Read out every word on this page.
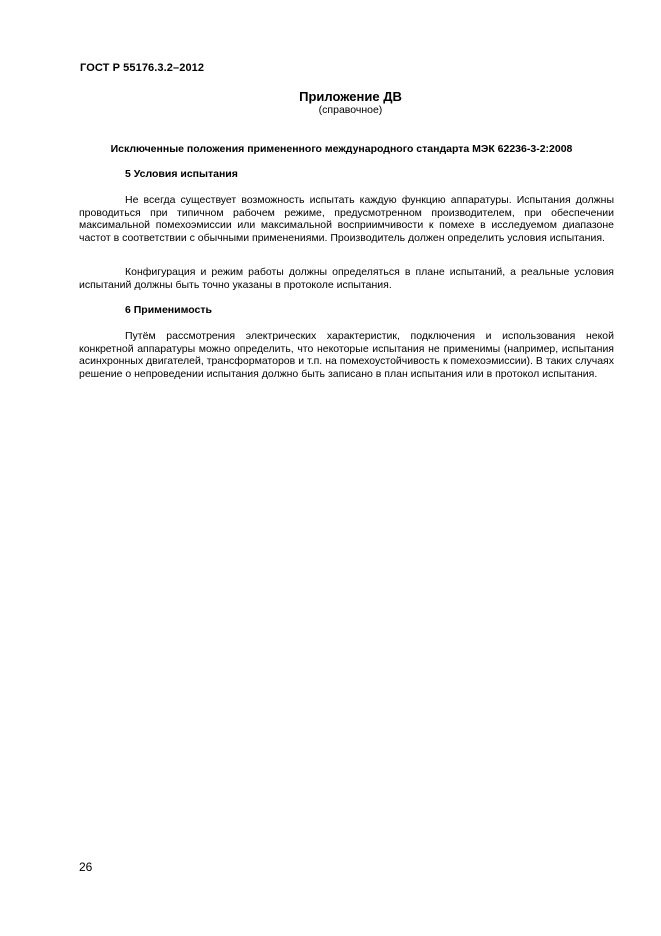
ГОСТ Р 55176.3.2–2012
Приложение ДВ
(справочное)
Исключенные положения примененного международного стандарта МЭК 62236-3-2:2008
5 Условия испытания

Не всегда существует возможность испытать каждую функцию аппаратуры. Испытания должны проводиться при типичном рабочем режиме, предусмотренном производителем, при обеспечении максимальной помехоэмиссии или максимальной восприимчивости к помехе в исследуемом диапазоне частот в соответствии с обычными применениями. Производитель должен определить условия испытания.

Конфигурация и режим работы должны определяться в плане испытаний, а реальные условия испытаний должны быть точно указаны в протоколе испытания.

6 Применимость

Путём рассмотрения электрических характеристик, подключения и использования некой конкретной аппаратуры можно определить, что некоторые испытания не применимы (например, испытания асинхронных двигателей, трансформаторов и т.п. на помехоустойчивость к помехоэмиссии). В таких случаях решение о непроведении испытания должно быть записано в план испытания или в протокол испытания.

26
